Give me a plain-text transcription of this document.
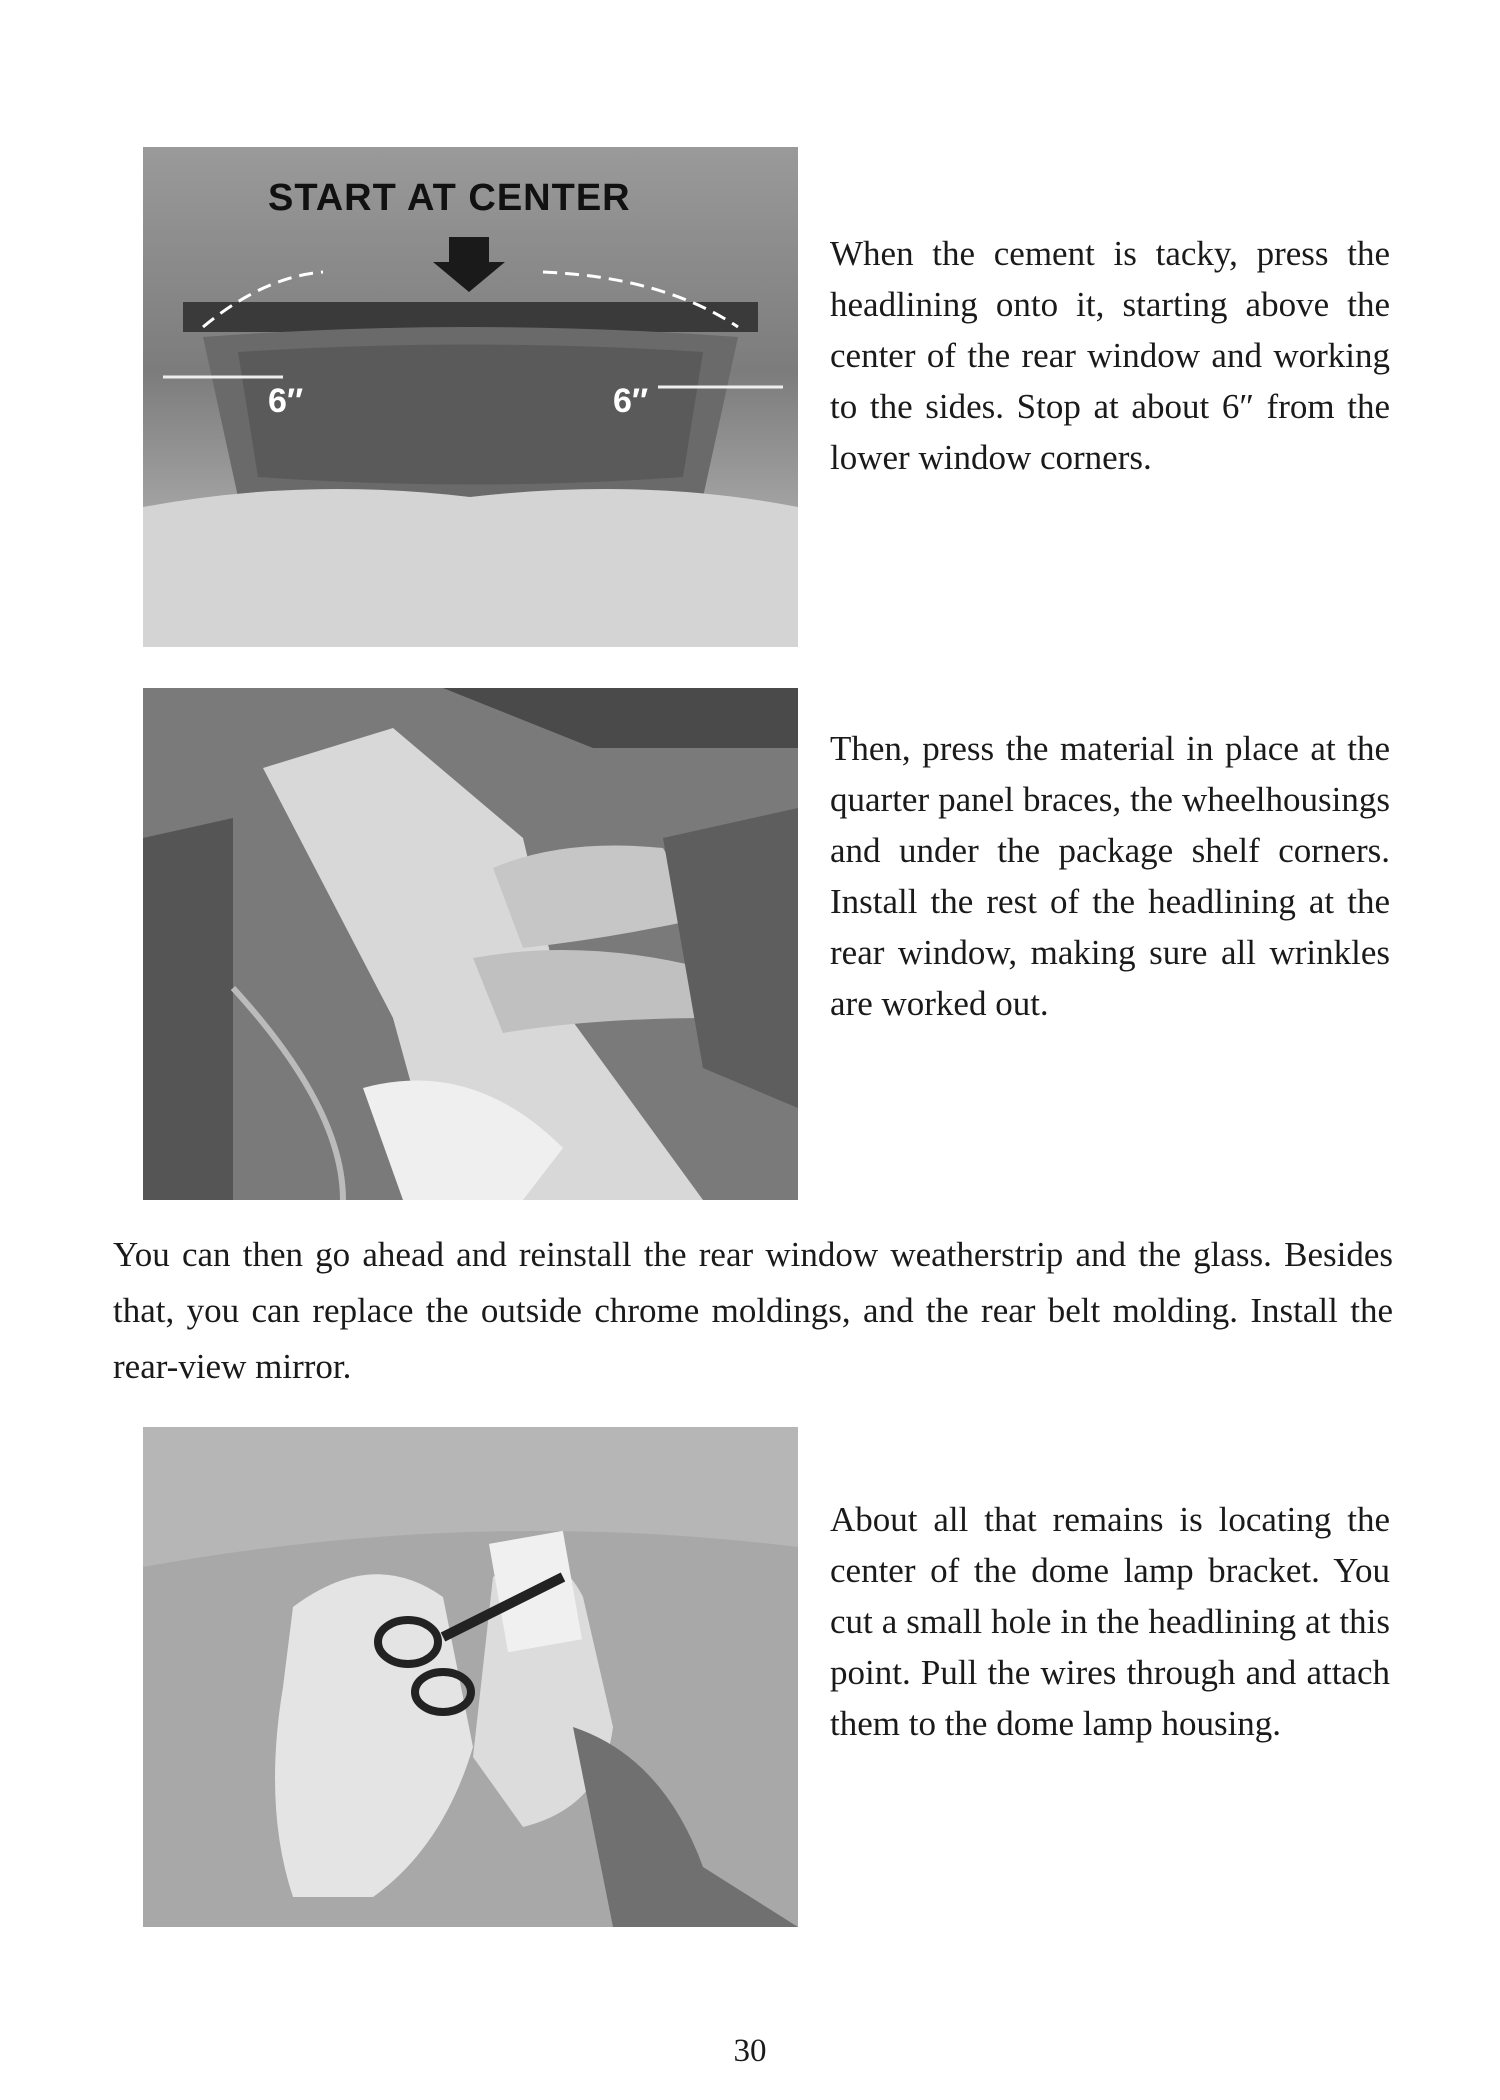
START AT CENTER
6″	6″

When the cement is tacky, press the headlining onto it, starting above the center of the rear window and working to the sides. Stop at about 6″ from the lower window corners.

Then, press the material in place at the quarter panel braces, the wheelhousings and under the package shelf corners. Install the rest of the headlining at the rear window, making sure all wrinkles are worked out.

You can then go ahead and reinstall the rear window weatherstrip and the glass. Besides that, you can replace the outside chrome moldings, and the rear belt molding. Install the rear-view mirror.

About all that remains is locating the center of the dome lamp bracket. You cut a small hole in the headlining at this point. Pull the wires through and attach them to the dome lamp housing.

30
